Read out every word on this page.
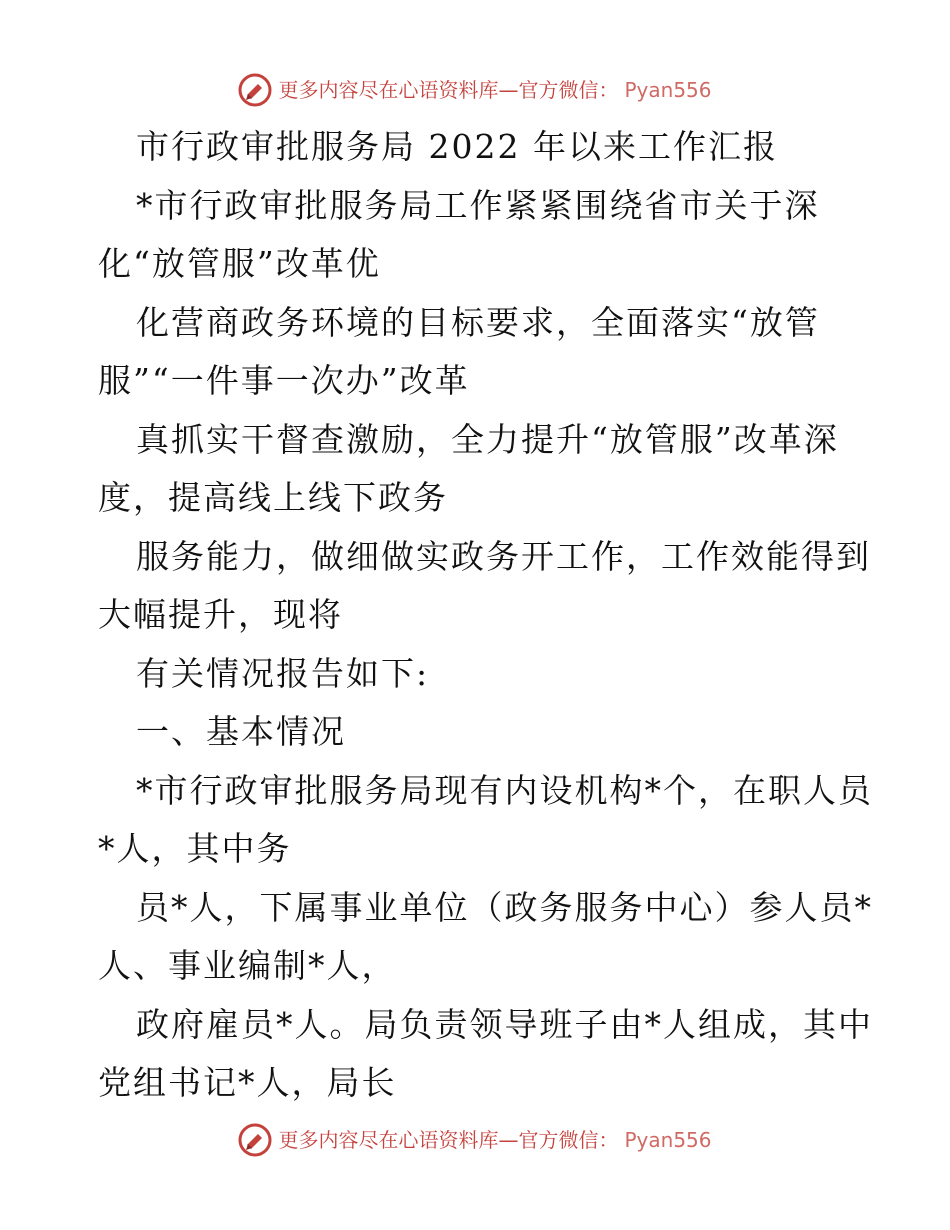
更多内容尽在心语资料库—官方微信： Pyan556
市行政审批服务局 2022 年以来工作汇报
*市行政审批服务局工作紧紧围绕省市关于深
化“放管服”改革优
化营商政务环境的目标要求，全面落实“放管
服”“一件事一次办”改革
真抓实干督查激励，全力提升“放管服”改革深
度，提高线上线下政务
服务能力，做细做实政务开工作，工作效能得到
大幅提升，现将
有关情况报告如下:
一、基本情况
*市行政审批服务局现有内设机构*个，在职人员
*人，其中务
员*人，下属事业单位（政务服务中心）参人员*
人、事业编制*人，
政府雇员*人。局负责领导班子由*人组成，其中
党组书记*人，局长
更多内容尽在心语资料库—官方微信： Pyan556
